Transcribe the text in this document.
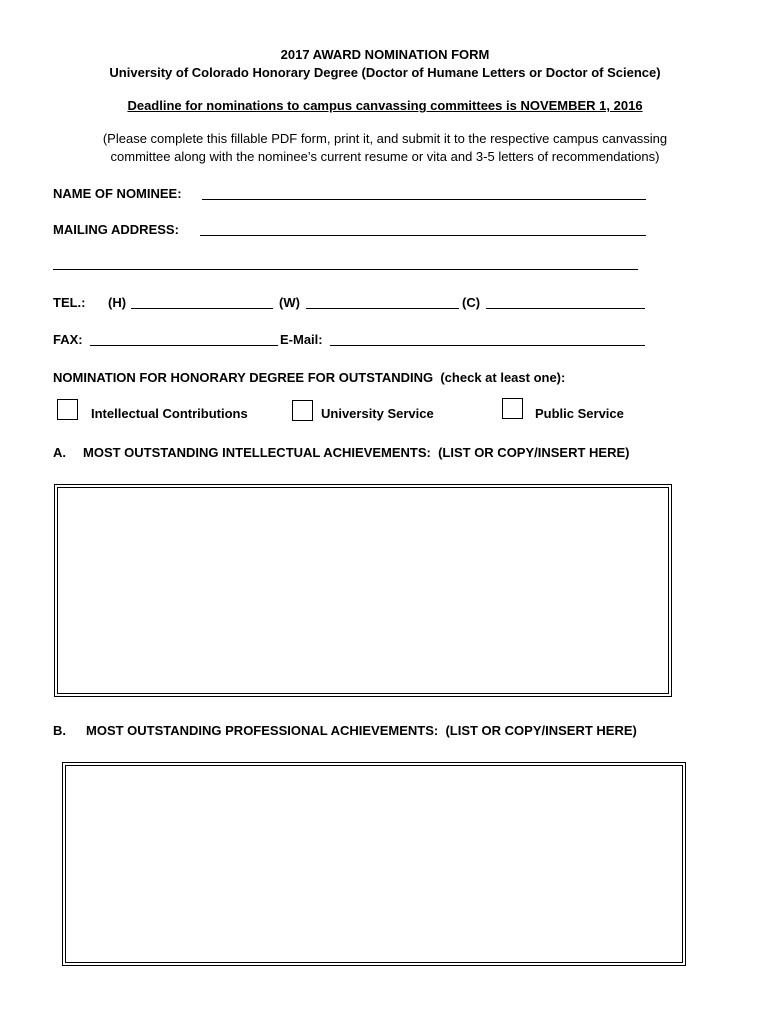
2017 AWARD NOMINATION FORM
University of Colorado Honorary Degree (Doctor of Humane Letters or Doctor of Science)
Deadline for nominations to campus canvassing committees is NOVEMBER 1, 2016
(Please complete this fillable PDF form, print it, and submit it to the respective campus canvassing
committee along with the nominee’s current resume or vita and 3-5 letters of recommendations)
NAME OF NOMINEE:
MAILING ADDRESS:
TEL.: (H)	(W)	(C)
FAX:	E-Mail:
NOMINATION FOR HONORARY DEGREE FOR OUTSTANDING  (check at least one):
Intellectual Contributions	University Service	Public Service
A. MOST OUTSTANDING INTELLECTUAL ACHIEVEMENTS:  (LIST OR COPY/INSERT HERE)
B. MOST OUTSTANDING PROFESSIONAL ACHIEVEMENTS:  (LIST OR COPY/INSERT HERE)
